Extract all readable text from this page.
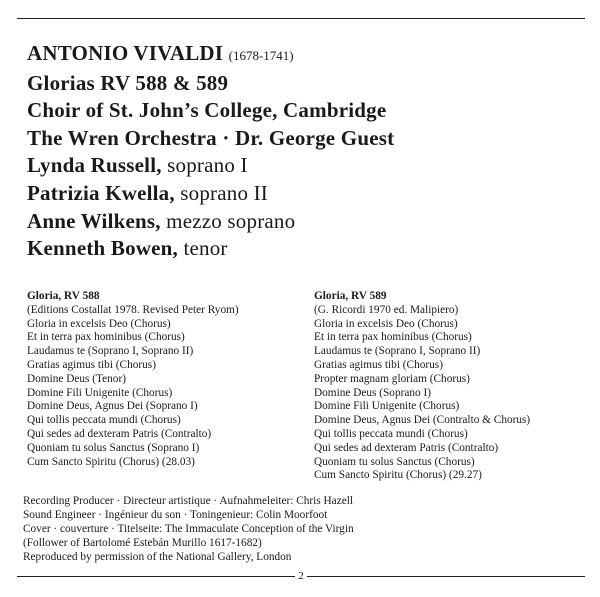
ANTONIO VIVALDI (1678-1741)
Glorias RV 588 & 589
Choir of St. John’s College, Cambridge
The Wren Orchestra · Dr. George Guest
Lynda Russell, soprano I
Patrizia Kwella, soprano II
Anne Wilkens, mezzo soprano
Kenneth Bowen, tenor
Gloria, RV 588
(Editions Costallat 1978. Revised Peter Ryom)
Gloria in excelsis Deo (Chorus)
Et in terra pax hominibus (Chorus)
Laudamus te (Soprano I, Soprano II)
Gratias agimus tibi (Chorus)
Domine Deus (Tenor)
Domine Fili Unigenite (Chorus)
Domine Deus, Agnus Dei (Soprano I)
Qui tollis peccata mundi (Chorus)
Qui sedes ad dexteram Patris (Contralto)
Quoniam tu solus Sanctus (Soprano I)
Cum Sancto Spiritu (Chorus) (28.03)
Gloria, RV 589
(G. Ricordi 1970 ed. Malipiero)
Gloria in excelsis Deo (Chorus)
Et in terra pax hominibus (Chorus)
Laudamus te (Soprano I, Soprano II)
Gratias agimus tibi (Chorus)
Propter magnam gloriam (Chorus)
Domine Deus (Soprano I)
Domine Fili Unigenite (Chorus)
Domine Deus, Agnus Dei (Contralto & Chorus)
Qui tollis peccata mundi (Chorus)
Qui sedes ad dexteram Patris (Contralto)
Quoniam tu solus Sanctus (Chorus)
Cum Sancto Spiritu (Chorus) (29.27)
Recording Producer · Directeur artistique · Aufnahmeleiter: Chris Hazell
Sound Engineer · Ingénieur du son · Toningenieur: Colin Moorfoot
Cover · couverture · Titelseite: The Immaculate Conception of the Virgin
(Follower of Bartolomé Estebán Murillo 1617-1682)
Reproduced by permission of the National Gallery, London
2
